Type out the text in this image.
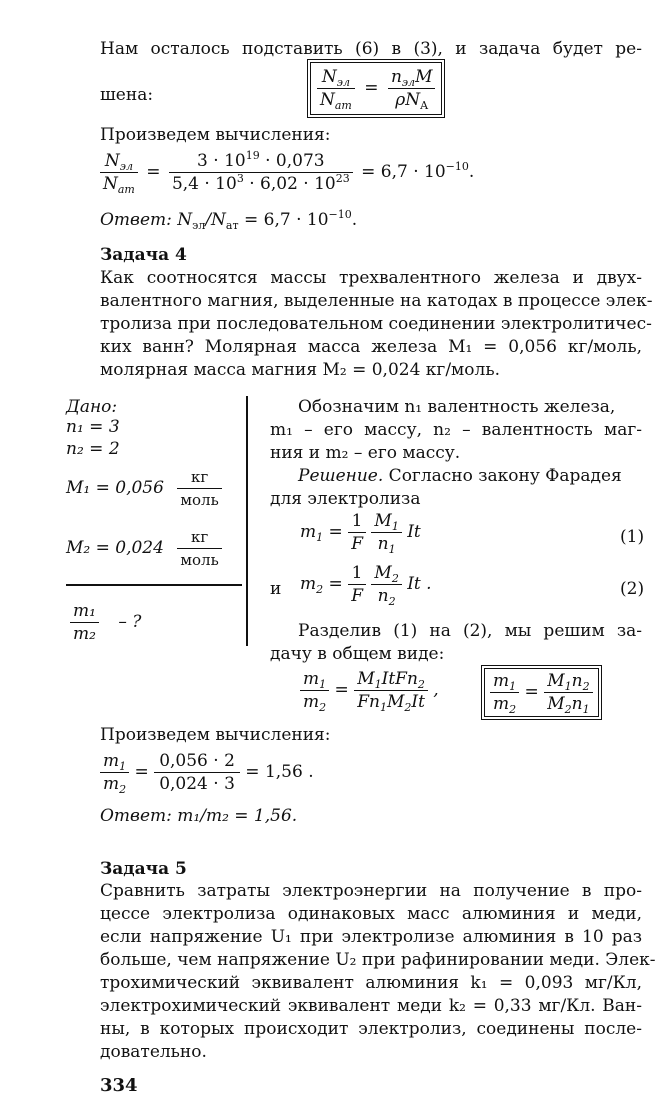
Нам осталось подставить (6) в (3), и задача будет ре-
шена:	$\frac{N_{эл}}{N_{ат}} = \frac{n_{эл}M}{\rho N_A}$
Произведем вычисления:
$\frac{N_{эл}}{N_{ат}} = \frac{3 \cdot 10^{19} \cdot 0,073}{5,4 \cdot 10^3 \cdot 6,02 \cdot 10^{23}} = 6,7 \cdot 10^{-10}$.
Ответ: $N_{эл}/N_{ат} = 6,7 \cdot 10^{-10}$.
Задача 4
Как соотносятся массы трехвалентного железа и двух-
валентного магния, выделенные на катодах в процессе элек-
тролиза при последовательном соединении электролитичес-
ких ванн? Молярная масса железа M₁ = 0,056 кг/моль,
молярная масса магния M₂ = 0,024 кг/моль.
Дано:
n₁ = 3
n₂ = 2
$M_1 = 0,056 \frac{кг}{\text{моль}}$
$M_2 = 0,024 \frac{кг}{\text{моль}}$
$\frac{\text{m₁}}{\text{m₂}}$ – ?
Обозначим n₁ валентность железа,
m₁ – его массу, n₂ – валентность маг-
ния и m₂ – его массу.
Решение. Согласно закону Фарадея
для электролиза
$m_1 = \frac{1}{F}$
$\frac{M_1}{n_1}$ It	(1)
и $m_2 = \frac{1}{F}$
$\frac{M_2}{n_2}$ It .	(2)
Разделив (1) на (2), мы решим за-
дачу в общем виде:
$\frac{m_1}{m_2} = \frac{M_1ItFn_2}{Fn_1M_2It}$ ,	$\frac{m_1}{m_2} = \frac{M_1n_2}{M_2n_1}$
Произведем вычисления:
$\frac{m_1}{m_2} = \frac{0,056 \cdot 2}{0,024 \cdot 3} = 1,56$ .
Ответ: m₁/m₂ = 1,56.
Задача 5
Сравнить затраты электроэнергии на получение в про-
цессе электролиза одинаковых масс алюминия и меди,
если напряжение U₁ при электролизе алюминия в 10 раз
больше, чем напряжение U₂ при рафинировании меди. Элек-
трохимический эквивалент алюминия k₁ = 0,093 мг/Кл,
электрохимический эквивалент меди k₂ = 0,33 мг/Кл. Ван-
ны, в которых происходит электролиз, соединены после-
довательно.
334
